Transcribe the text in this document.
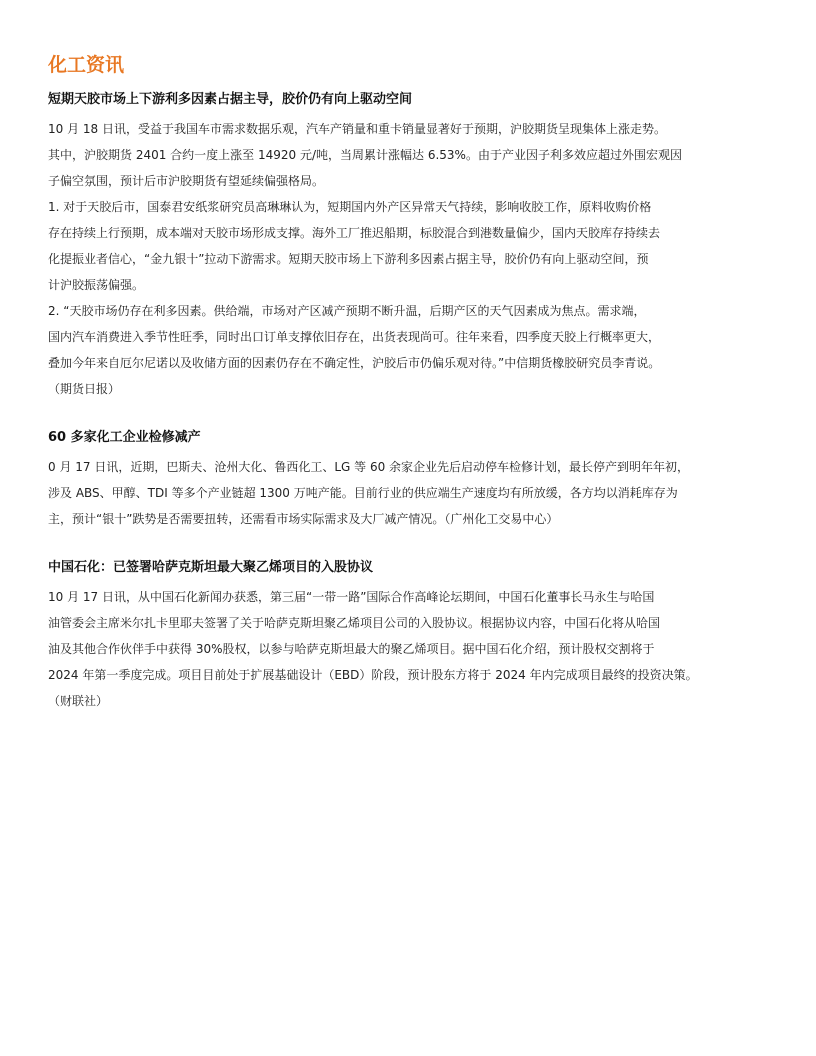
化工资讯
短期天胶市场上下游利多因素占据主导，胶价仍有向上驱动空间

10 月 18 日讯，受益于我国车市需求数据乐观，汽车产销量和重卡销量显著好于预期，沪胶期货呈现集体上涨走势。
其中，沪胶期货 2401 合约一度上涨至 14920 元/吨，当周累计涨幅达 6.53%。由于产业因子利多效应超过外围宏观因
子偏空氛围，预计后市沪胶期货有望延续偏强格局。
1. 对于天胶后市，国泰君安纸浆研究员高琳琳认为，短期国内外产区异常天气持续，影响收胶工作，原料收购价格
存在持续上行预期，成本端对天胶市场形成支撑。海外工厂推迟船期，标胶混合到港数量偏少，国内天胶库存持续去
化提振业者信心，“金九银十”拉动下游需求。短期天胶市场上下游利多因素占据主导，胶价仍有向上驱动空间，预
计沪胶振荡偏强。
2. “天胶市场仍存在利多因素。供给端，市场对产区减产预期不断升温，后期产区的天气因素成为焦点。需求端，
国内汽车消费进入季节性旺季，同时出口订单支撑依旧存在，出货表现尚可。往年来看，四季度天胶上行概率更大，
叠加今年来自厄尔尼诺以及收储方面的因素仍存在不确定性，沪胶后市仍偏乐观对待。”中信期货橡胶研究员李青说。
（期货日报）

60 多家化工企业检修减产

0 月 17 日讯，近期，巴斯夫、沧州大化、鲁西化工、LG 等 60 余家企业先后启动停车检修计划，最长停产到明年年初，
涉及 ABS、甲醇、TDI 等多个产业链超 1300 万吨产能。目前行业的供应端生产速度均有所放缓，各方均以消耗库存为
主，预计“银十”跌势是否需要扭转，还需看市场实际需求及大厂减产情况。（广州化工交易中心）

中国石化：已签署哈萨克斯坦最大聚乙烯项目的入股协议

10 月 17 日讯，从中国石化新闻办获悉，第三届“一带一路”国际合作高峰论坛期间，中国石化董事长马永生与哈国
油管委会主席米尔扎卡里耶夫签署了关于哈萨克斯坦聚乙烯项目公司的入股协议。根据协议内容，中国石化将从哈国
油及其他合作伙伴手中获得 30%股权，以参与哈萨克斯坦最大的聚乙烯项目。据中国石化介绍，预计股权交割将于
2024 年第一季度完成。项目目前处于扩展基础设计（EBD）阶段，预计股东方将于 2024 年内完成项目最终的投资决策。
（财联社）
